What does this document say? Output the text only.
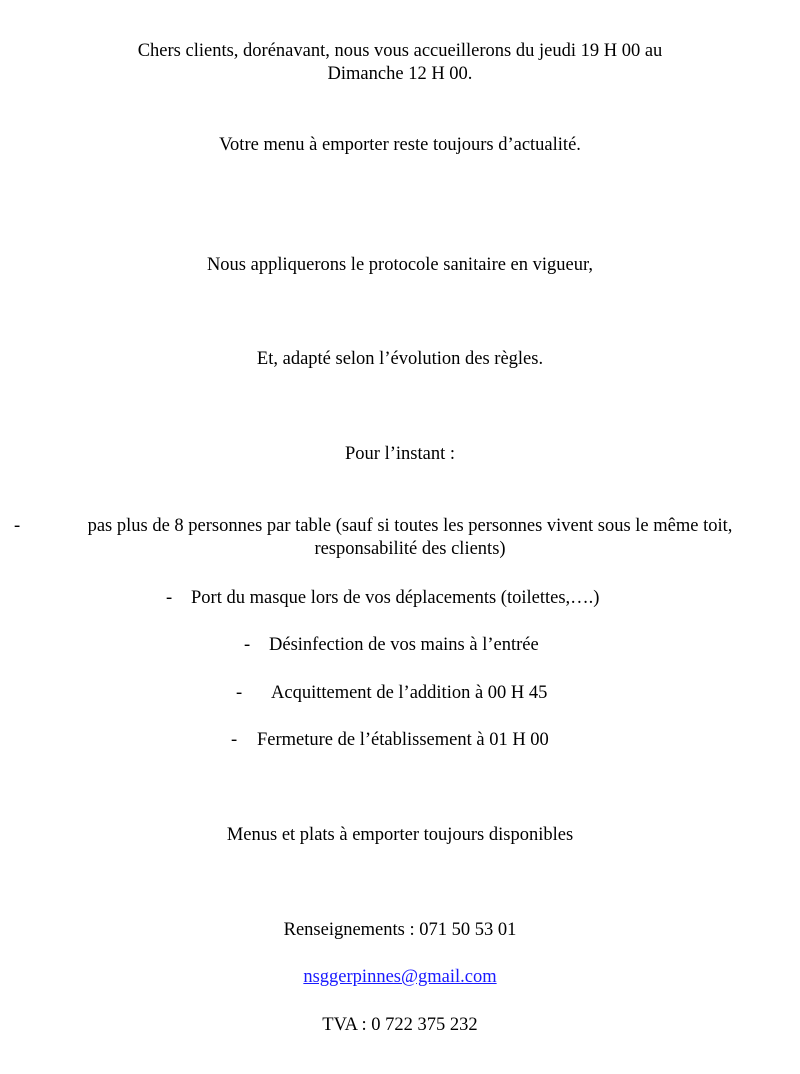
Chers clients, dorénavant, nous vous accueillerons du jeudi 19 H 00 au
Dimanche 12 H 00.
Votre menu à emporter reste toujours d’actualité.
Nous appliquerons le protocole sanitaire en vigueur,
Et, adapté selon l’évolution des règles.
Pour l’instant :
-	pas plus de 8 personnes par table (sauf si toutes les personnes vivent sous le même toit,
responsabilité des clients)
- Port du masque lors de vos déplacements (toilettes,….)
- Désinfection de vos mains à l’entrée
- Acquittement de l’addition à 00 H 45
- Fermeture de l’établissement à 01 H 00
Menus et plats à emporter toujours disponibles
Renseignements : 071 50 53 01
nsggerpinnes@gmail.com
TVA : 0 722 375 232
